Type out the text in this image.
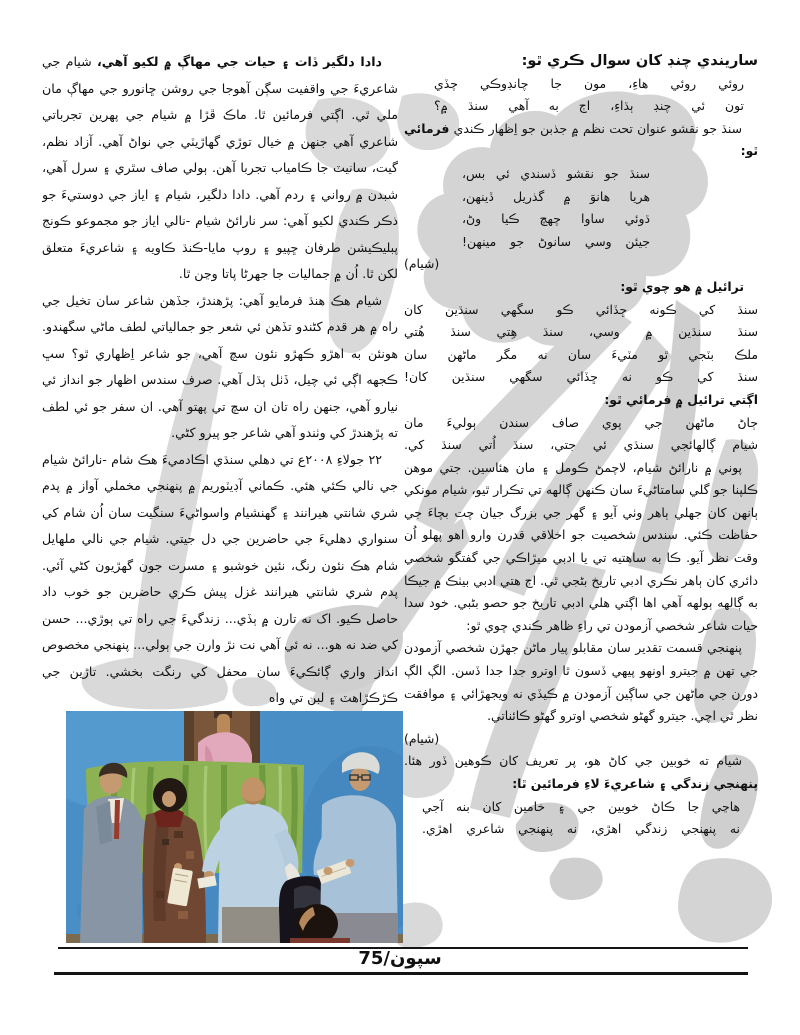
ساريندي چنڊ کان سوال ڪري ٿو:
روئي روئي هاءِ، مون جا چانڊوڪي چڏي
تون ئي چنڊ ٻڌاءِ، اڄ به آهي سنڌ ۾؟

سنڌ جو نقشو عنوان تحت نظم ۾ جذبن جو اِظهار ڪندي فرمائي ٿو:

سنڌ جو نقشو ڏسندي ئي بس،
هريا هانوَ ۾ گذريل ڏينهن،
ڌوئي ساوا چهچ ڪيا وڻ،
جيئن وسي سانوڻ جو مينهن!

(شيام)

ترائيل ۾ هو چوي ٿو:

سنڌ کي ڪونه ڇڏائي ڪو سگهي سنڌين کان
سنڌ سنڌين ۾ وسي، سنڌ هِتي سنڌ هُتي
ملڪ بٽجي ٿو مٽيءَ سان نه مگر ماڻهن سان
سنڌ کي ڪو نه ڇڏائي سگهي سنڌين کان!

اڳتي ترائيل ۾ فرمائي ٿو:

ڄاڻ ماڻهن جي پوي صاف سندن ٻوليءَ مان
شيام ڳالهائجي سنڌي ئي جتي، سنڌ اُتي سنڌ کي.

پوني ۾ نارائڻ شيام، لاچمڻ ڪومل ۽ مان هئاسين. جتي موهن ڪلپنا جو گلي سامتاڻيءَ سان ڪنهن ڳالهه تي تڪرار ٿيو، شيام مونکي ٻانهن کان جهلي ٻاهر وٺي آيو ۽ گهر جي بزرگ جيان چت بچاءَ جي حفاظت ڪئي. سندس شخصيت جو اخلاقي قدرن وارو اهو پهلو اُن وقت نظر آيو. ڪا به ساهتيه تي يا ادبي ميڙاڪي جي گفتگو شخصي دائري کان ٻاهر نڪري ادبي تاريخ بڻجي ٿي. اڄ هتي ادبي بيٺڪ ۾ جيڪا به ڳالهه ٻولهه آهي اها اڳتي هلي ادبي تاريخ جو حصو بڻبي. خود سدا حيات شاعر شخصي آزمودن تي راءِ ظاهر ڪندي چوي ٿو:

پنهنجي قسمت تقدير سان مقابلو پيار ماڻن جهڙن شخصي آزمودن جي تهن ۾ جيترو اونهو پيهي ڏسون ٿا اوترو جدا جدا ڏسن. الڳ الڳ دورن جي ماڻهن جي ساڳين آزمودن ۾ ڪيڏي نه ويجهڙائي ۽ موافقت نظر ٿي اچي. جيترو گهڻو شخصي اوترو گهڻو ڪائناتي.

(شيام)

شيام ته خوبين جي کاڻ هو، پر تعريف کان ڪوهين ڏور هئا. پنهنجي زندگي ۽ شاعريءَ لاءِ فرمائين ٿا:

هاڃي جا ڪاڻ خوبين جي ۽ خامين کان بنه آجي
نه پنهنجي زندگي اهڙي، نه پنهنجي شاعري اهڙي.

دادا دلگير ڏات ۽ حيات جي مهاڳ ۾ لکيو آهي، شيام جي شاعريءَ جي واقفيت سڳن آهوجا جي روشن ڇانورو جي مهاڳ مان ملي ٿي. اڳتي فرمائين ٿا. ماڪ ڦڙا ۾ شيام جي پهرين تجرباتي شاعري آهي جنهن ۾ خيال توڙي گهاڙيٽي جي نواڻ آهي. آزاد نظم، گيت، سانيٽ جا ڪامياب تجربا آهن. ٻولي صاف سٿري ۽ سرل آهي، شبدن ۾ رواني ۽ ردم آهي. دادا دلگير، شيام ۽ اياز جي دوستيءَ جو ذڪر ڪندي لکيو آهي: سر نارائڻ شيام -نالي اياز جو مجموعو ڪونج پبليڪيشن طرفان ڇپيو ۽ روپ مايا-ڪنڌ ڪاويه ۽ شاعريءَ متعلق لکن ٿا. اُن ۾ جماليات جا جهرڻا پاتا وڃن ٿا.

شيام هڪ هنڌ فرمايو آهي: پڙهندڙ، جڏهن شاعر سان تخيل جي راه ۾ هر قدم کڻندو تڏهن ئي شعر جو جمالياتي لطف ماڻي سگهندو. هونئن به اهڙو ڪهڙو نئون سچ آهي، جو شاعر اِظهاري ٿو؟ سڀ ڪجهه اڳي ئي چيل، ڏٺل ٻڌل آهي. صرف سندس اظهار جو انداز ئي نيارو آهي، جنهن راه تان ان سچ تي پهتو آهي. ان سفر جو ئي لطف ته پڙهندڙ کي وٺندو آهي شاعر جو پيرو کڻي.

٢٢ جولاءِ ٢٠٠٨ع تي دهلي سنڌي اڪادميءَ هڪ شام -نارائڻ شيام جي نالي ڪئي هئي. ڪماني آڊيٽوريم ۾ پنهنجي مخملي آواز ۾ پدم شري شانتي هيرانند ۽ گهنشيام واسواڻيءَ سنگيت سان اُن شام کي سنواري دهليءَ جي حاضرين جي دل جيتي. شيام جي نالي ملهايل شام هڪ نئون رنگ، نئين خوشبو ۽ مسرت جون گهڙيون کڻي آئي. پدم شري شانتي هيرانند غزل پيش ڪري حاضرين جو خوب داد حاصل ڪيو. اک نه تارن ۾ ٻڏي... زندگيءَ جي راه تي ٻوڙي... حسن کي ضد نه هو... نه ئي آهي نت نڙ وارن جي ٻولي... پنهنجي مخصوص انداز واري ڳائڪيءَ سان محفل کي رنگت بخشي. تاڙين جي ڪڙڪڙاهٽ ۽ لبن تي واه

سپون/75
